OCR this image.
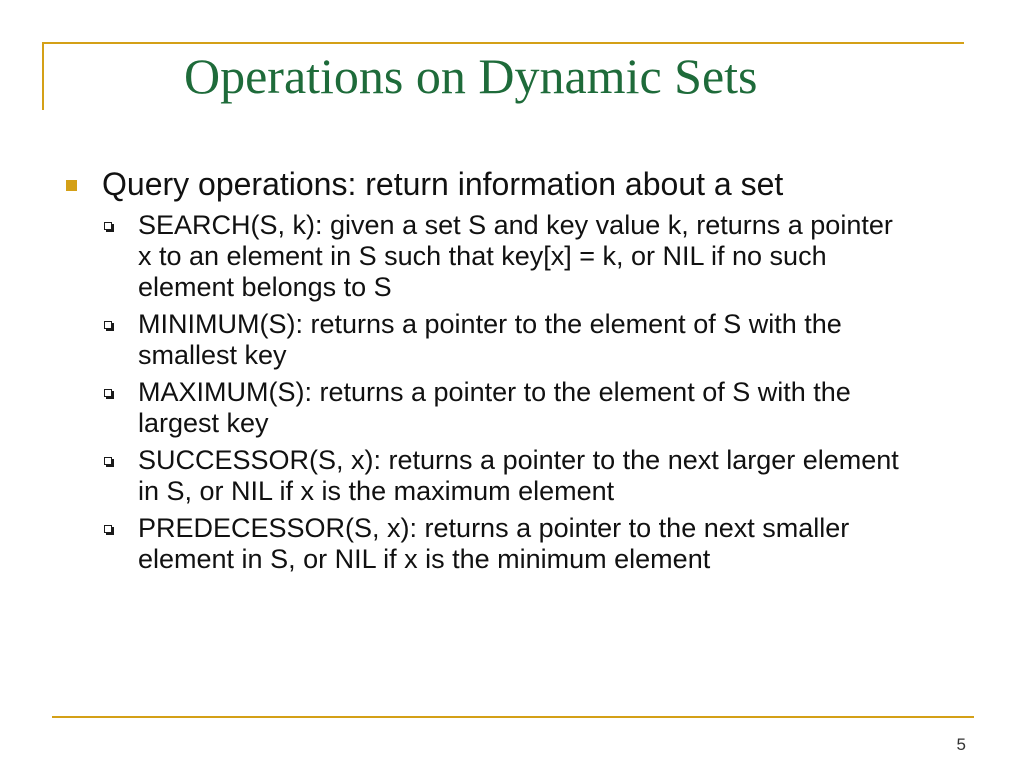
Operations on Dynamic Sets
Query operations: return information about a set
SEARCH(S, k): given a set S and key value k, returns a pointer x to an element in S such that key[x] = k, or NIL if no such element belongs to S
MINIMUM(S): returns a pointer to the element of S with the smallest key
MAXIMUM(S): returns a pointer to the element of S with the largest key
SUCCESSOR(S, x): returns a pointer to the next larger element in S, or NIL if x is the maximum element
PREDECESSOR(S, x): returns a pointer to the next smaller element in S, or NIL if x is the minimum element
5
